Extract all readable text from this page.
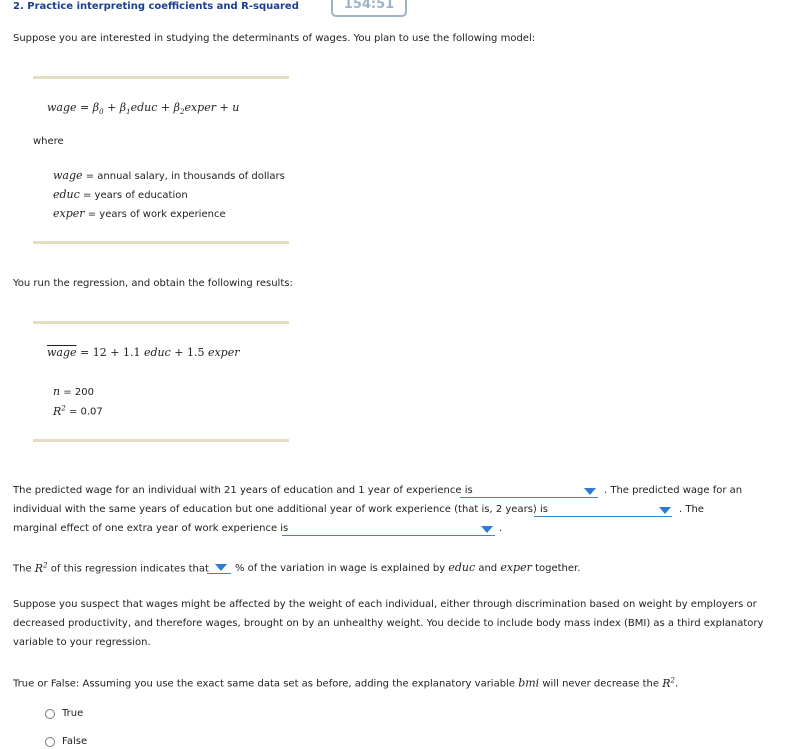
2. Practice interpreting coefficients and R-squared	154:51
Suppose you are interested in studying the determinants of wages. You plan to use the following model:
wage = $\beta_0$ + $\beta_1educ$ + $\beta_2exper + u$
where
wage = annual salary, in thousands of dollars
educ = years of education
exper = years of work experience
You run the regression, and obtain the following results:
wage = 12 + 1.1 educ + 1.5 exper
n = 200
$R^2 = 0.07$
The predicted wage for an individual with 21 years of education and 1 year of experience is	. The predicted wage for an
individual with the same years of education but one additional year of work experience (that is, 2 years) is	. The
marginal effect of one extra year of work experience is	.
The $R^2$ of this regression indicates that	% of the variation in wage is explained by educ and exper together.
Suppose you suspect that wages might be affected by the weight of each individual, either through discrimination based on weight by employers or
decreased productivity, and therefore wages, brought on by an unhealthy weight. You decide to include body mass index (BMI) as a third explanatory
variable to your regression.
True or False: Assuming you use the exact same data set as before, adding the explanatory variable bmi will never decrease the $R^2$.
True
False
